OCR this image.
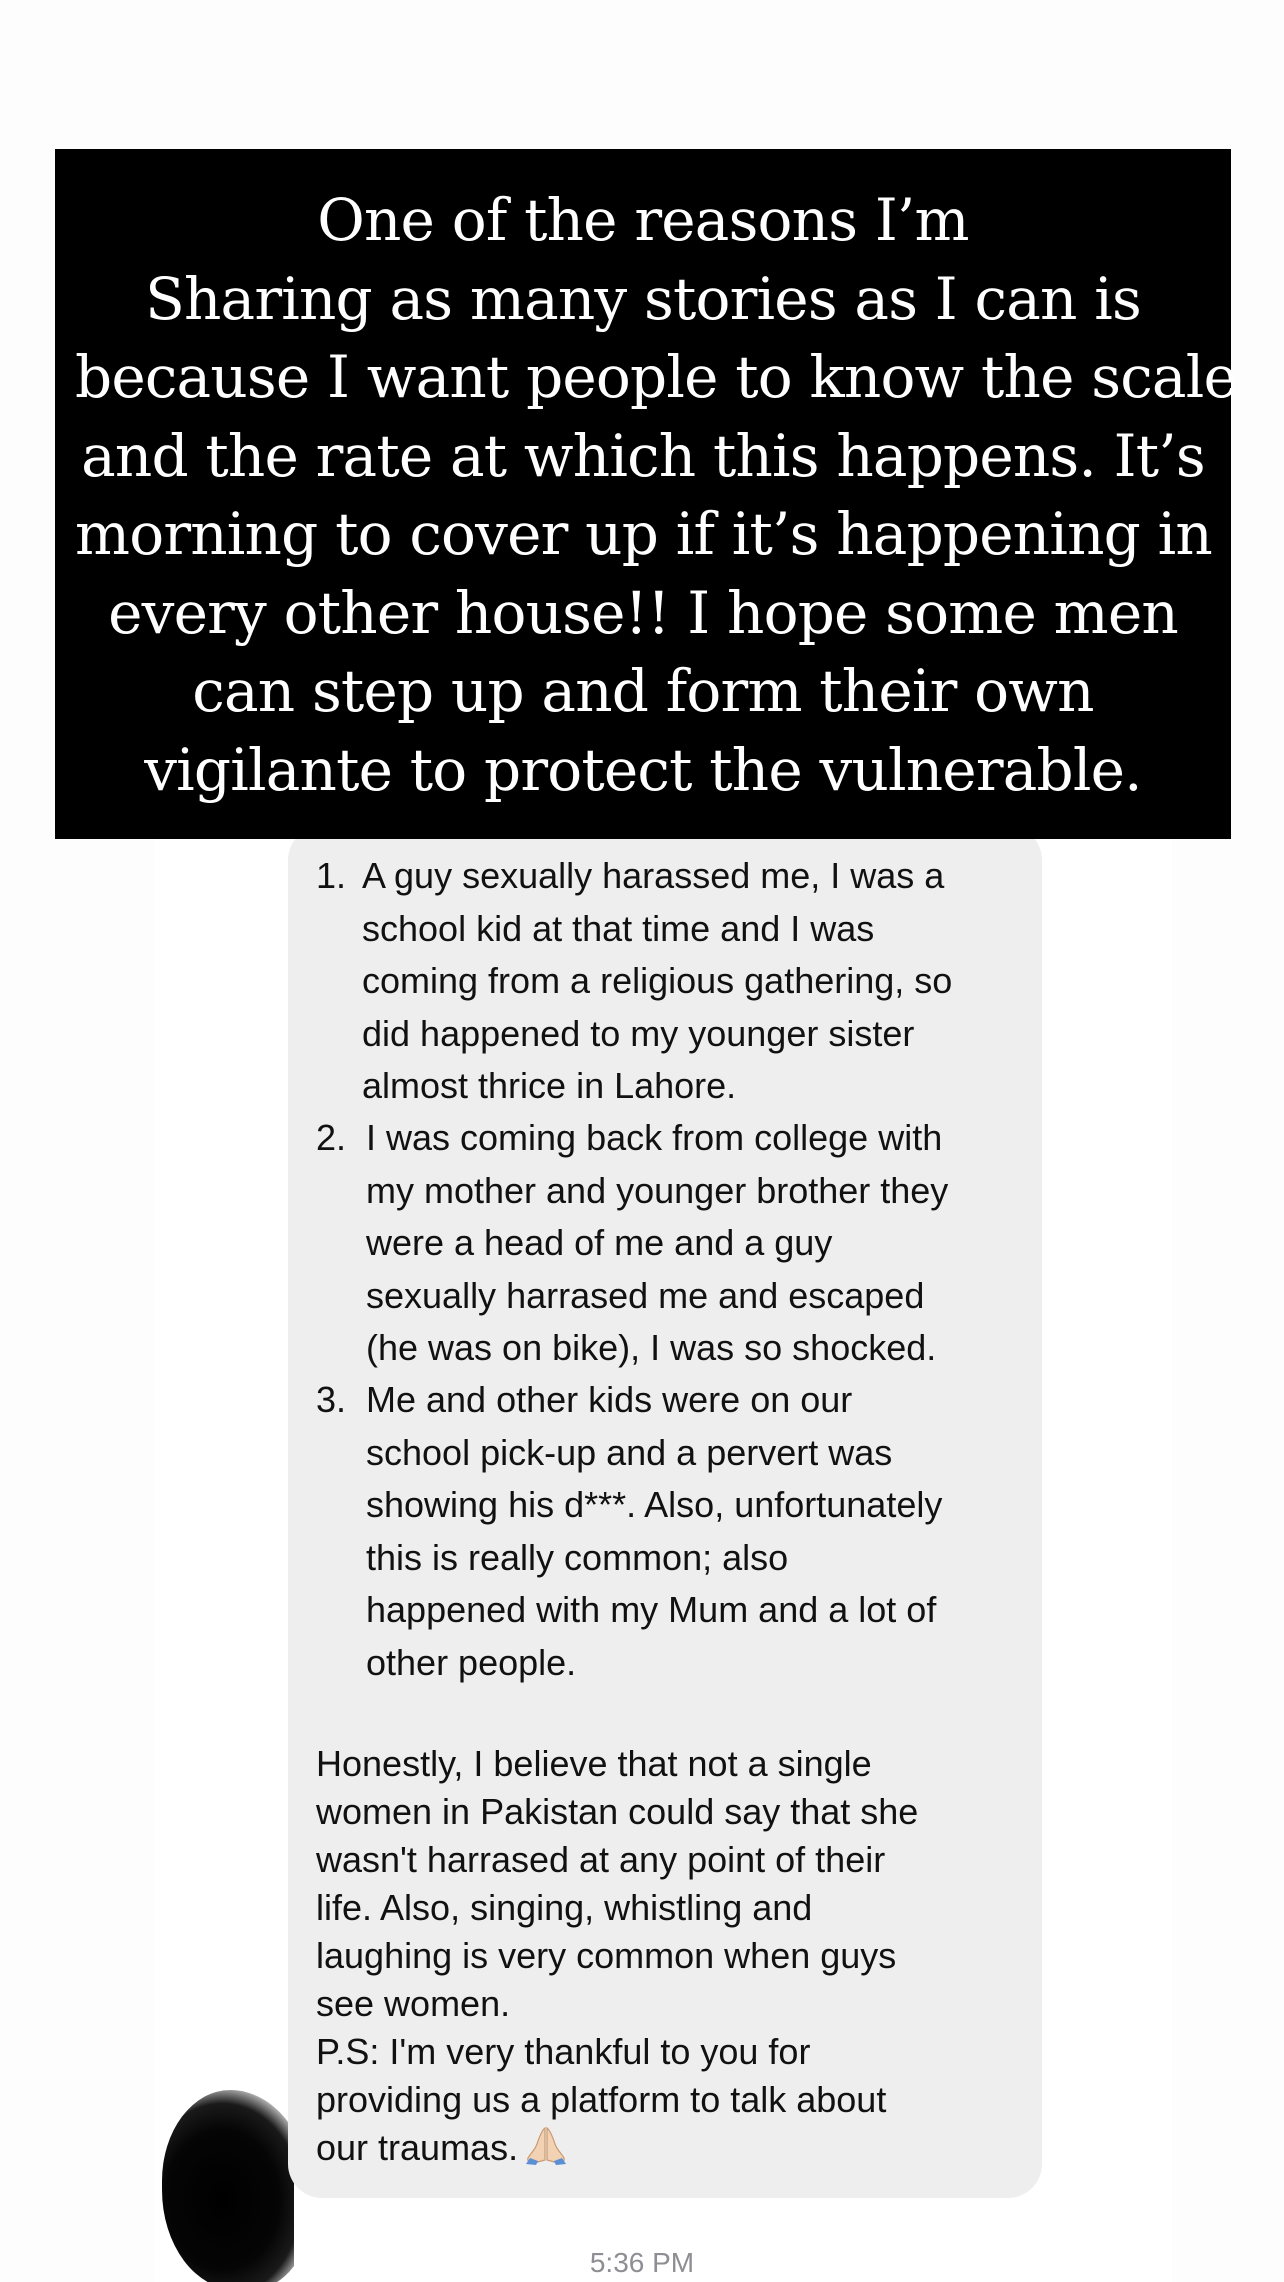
One of the reasons I’m
Sharing as many stories as I can is
because I want people to know the scale
and the rate at which this happens. It’s
morning to cover up if it’s happening in
every other house!! I hope some men
can step up and form their own
vigilante to protect the vulnerable.
1. A guy sexually harassed me, I was a
school kid at that time and I was
coming from a religious gathering, so
did happened to my younger sister
almost thrice in Lahore.
2. I was coming back from college with
my mother and younger brother they
were a head of me and a guy
sexually harrased me and escaped
(he was on bike), I was so shocked.
3. Me and other kids were on our
school pick-up and a pervert was
showing his d***. Also, unfortunately
this is really common; also
happened with my Mum and a lot of
other people.
Honestly, I believe that not a single
women in Pakistan could say that she
wasn't harrased at any point of their
life. Also, singing, whistling and
laughing is very common when guys
see women.
P.S: I'm very thankful to you for
providing us a platform to talk about
our traumas.
5:36 PM
